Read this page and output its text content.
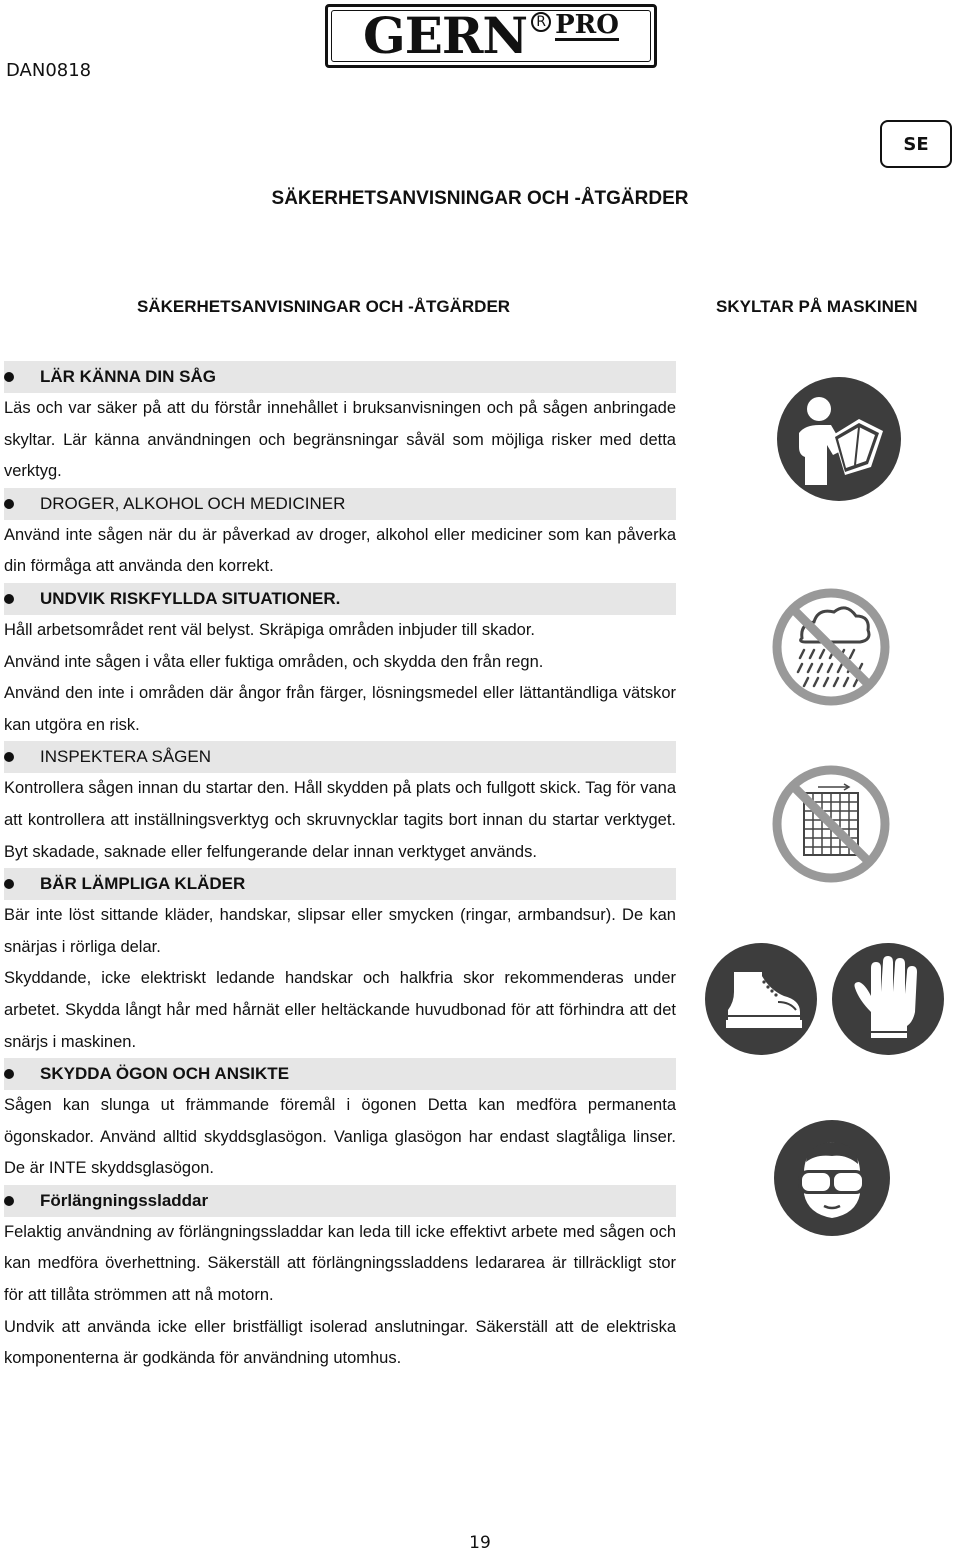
DAN0818
GERN R PRO
SE
SÄKERHETSANVISNINGAR OCH -ÅTGÄRDER
SÄKERHETSANVISNINGAR OCH -ÅTGÄRDER	SKYLTAR PÅ MASKINEN
LÄR KÄNNA DIN SÅG
Läs och var säker på att du förstår innehållet i bruksanvisningen och på sågen anbringade skyltar. Lär känna användningen och begränsningar såväl som möjliga risker med detta verktyg.
DROGER, ALKOHOL OCH MEDICINER
Använd inte sågen när du är påverkad av droger, alkohol eller mediciner som kan påverka din förmåga att använda den korrekt.
UNDVIK RISKFYLLDA SITUATIONER.
Håll arbetsområdet rent väl belyst. Skräpiga områden inbjuder till skador.
Använd inte sågen i våta eller fuktiga områden, och skydda den från regn.
Använd den inte i områden där ångor från färger, lösningsmedel eller lättantändliga vätskor kan utgöra en risk.
INSPEKTERA SÅGEN
Kontrollera sågen innan du startar den. Håll skydden på plats och fullgott skick. Tag för vana att kontrollera att inställningsverktyg och skruvnycklar tagits bort innan du startar verktyget. Byt skadade, saknade eller felfungerande delar innan verktyget används.
BÄR LÄMPLIGA KLÄDER
Bär inte löst sittande kläder, handskar, slipsar eller smycken (ringar, armbandsur). De kan snärjas i rörliga delar.
Skyddande, icke elektriskt ledande handskar och halkfria skor rekommenderas under arbetet. Skydda långt hår med hårnät eller heltäckande huvudbonad för att förhindra att det snärjs i maskinen.
SKYDDA ÖGON OCH ANSIKTE
Sågen kan slunga ut främmande föremål i ögonen Detta kan medföra permanenta ögonskador. Använd alltid skyddsglasögon. Vanliga glasögon har endast slagtåliga linser. De är INTE skyddsglasögon.
Förlängningssladdar
Felaktig användning av förlängningssladdar kan leda till icke effektivt arbete med sågen och kan medföra överhettning. Säkerställ att förlängningssladdens ledararea är tillräckligt stor för att tillåta strömmen att nå motorn.
Undvik att använda icke eller bristfälligt isolerad anslutningar. Säkerställ att de elektriska komponenterna är godkända för användning utomhus.
19
